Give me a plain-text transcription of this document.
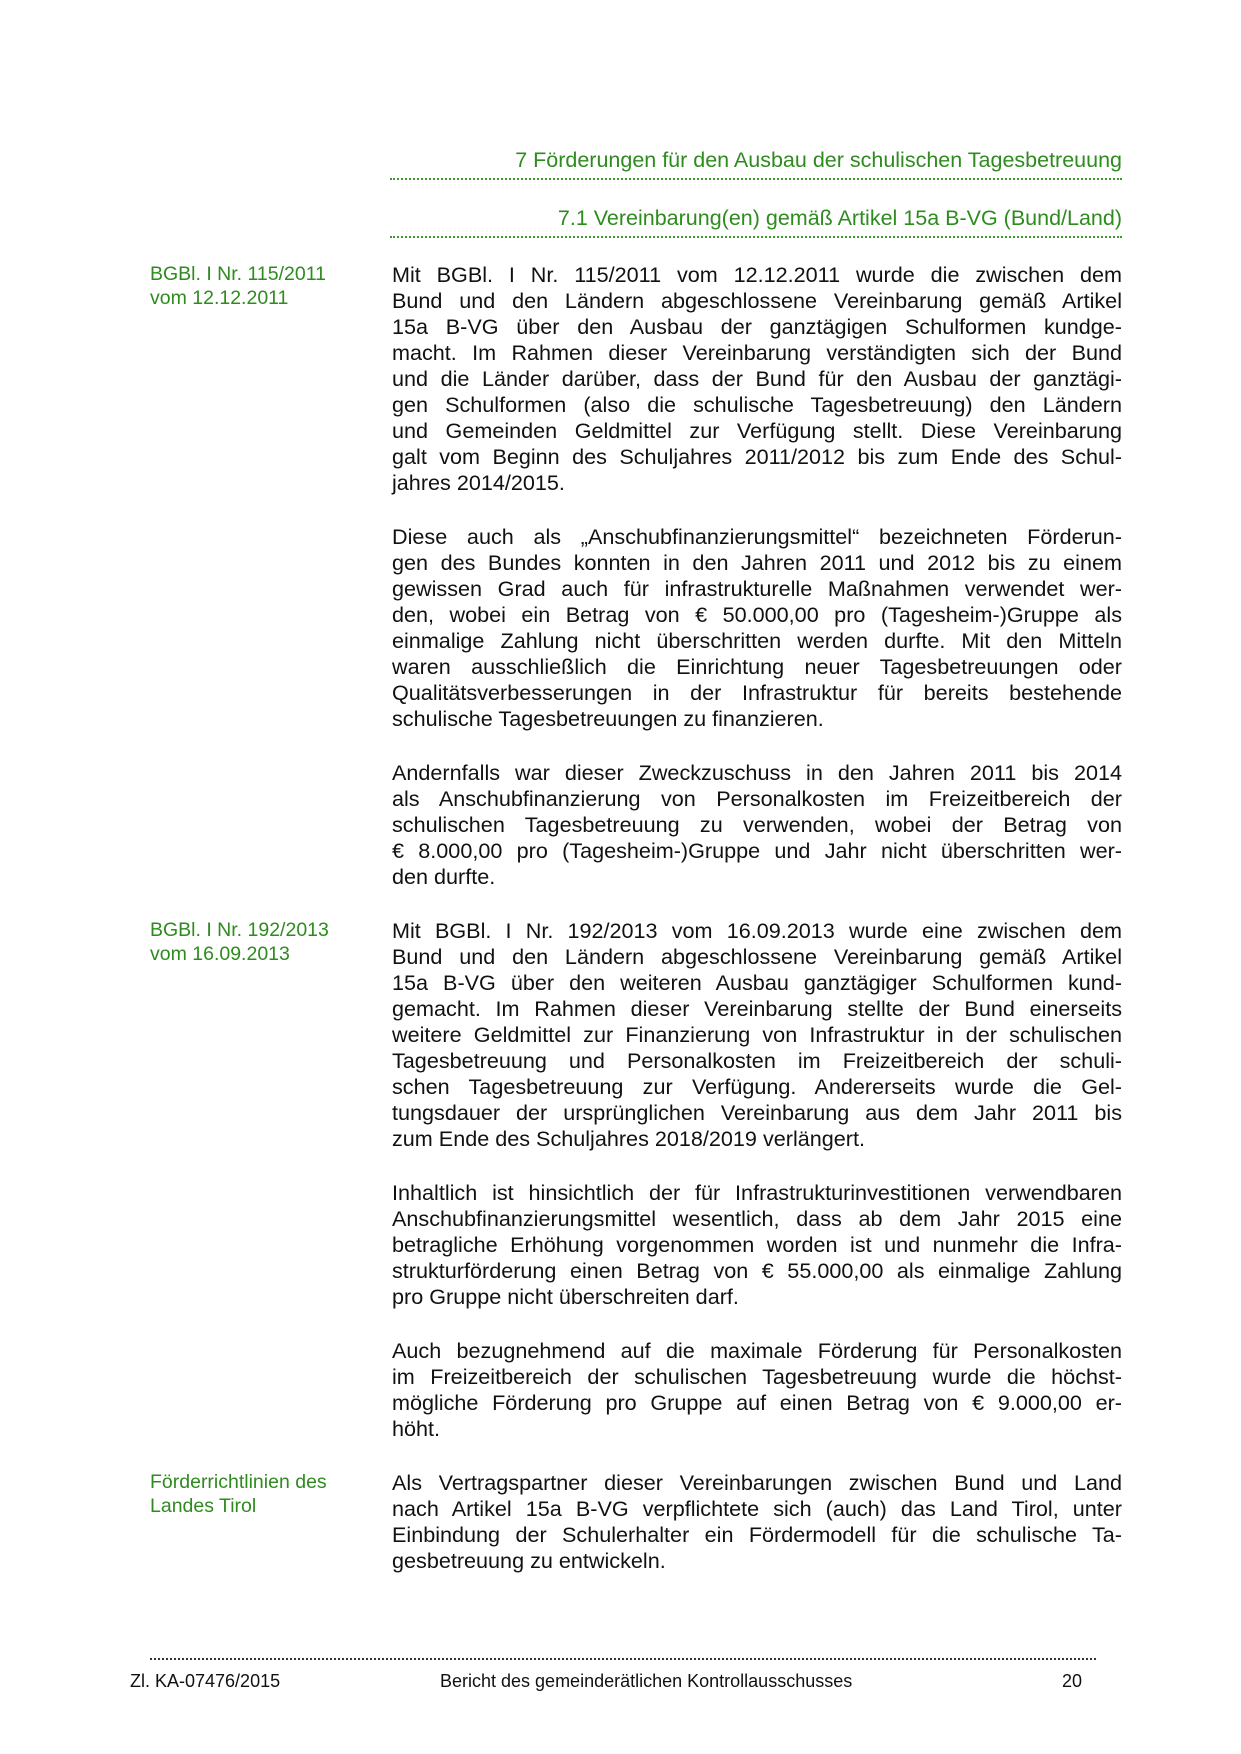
7 Förderungen für den Ausbau der schulischen Tagesbetreuung
7.1 Vereinbarung(en) gemäß Artikel 15a B-VG (Bund/Land)
BGBl. I Nr. 115/2011
vom 12.12.2011
BGBl. I Nr. 192/2013
vom 16.09.2013
Förderrichtlinien des
Landes Tirol
Mit BGBl. I Nr. 115/2011 vom 12.12.2011 wurde die zwischen dem
Bund und den Ländern abgeschlossene Vereinbarung gemäß Artikel
15a B-VG über den Ausbau der ganztägigen Schulformen kundge-
macht. Im Rahmen dieser Vereinbarung verständigten sich der Bund
und die Länder darüber, dass der Bund für den Ausbau der ganztägi-
gen Schulformen (also die schulische Tagesbetreuung) den Ländern
und Gemeinden Geldmittel zur Verfügung stellt. Diese Vereinbarung
galt vom Beginn des Schuljahres 2011/2012 bis zum Ende des Schul-
jahres 2014/2015.
Diese auch als „Anschubfinanzierungsmittel“ bezeichneten Förderun-
gen des Bundes konnten in den Jahren 2011 und 2012 bis zu einem
gewissen Grad auch für infrastrukturelle Maßnahmen verwendet wer-
den, wobei ein Betrag von € 50.000,00 pro (Tagesheim-)Gruppe als
einmalige Zahlung nicht überschritten werden durfte. Mit den Mitteln
waren ausschließlich die Einrichtung neuer Tagesbetreuungen oder
Qualitätsverbesserungen in der Infrastruktur für bereits bestehende
schulische Tagesbetreuungen zu finanzieren.
Andernfalls war dieser Zweckzuschuss in den Jahren 2011 bis 2014
als Anschubfinanzierung von Personalkosten im Freizeitbereich der
schulischen Tagesbetreuung zu verwenden, wobei der Betrag von
€ 8.000,00 pro (Tagesheim-)Gruppe und Jahr nicht überschritten wer-
den durfte.
Mit BGBl. I Nr. 192/2013 vom 16.09.2013 wurde eine zwischen dem
Bund und den Ländern abgeschlossene Vereinbarung gemäß Artikel
15a B-VG über den weiteren Ausbau ganztägiger Schulformen kund-
gemacht. Im Rahmen dieser Vereinbarung stellte der Bund einerseits
weitere Geldmittel zur Finanzierung von Infrastruktur in der schulischen
Tagesbetreuung und Personalkosten im Freizeitbereich der schuli-
schen Tagesbetreuung zur Verfügung. Andererseits wurde die Gel-
tungsdauer der ursprünglichen Vereinbarung aus dem Jahr 2011 bis
zum Ende des Schuljahres 2018/2019 verlängert.
Inhaltlich ist hinsichtlich der für Infrastrukturinvestitionen verwendbaren
Anschubfinanzierungsmittel wesentlich, dass ab dem Jahr 2015 eine
betragliche Erhöhung vorgenommen worden ist und nunmehr die Infra-
strukturförderung einen Betrag von € 55.000,00 als einmalige Zahlung
pro Gruppe nicht überschreiten darf.
Auch bezugnehmend auf die maximale Förderung für Personalkosten
im Freizeitbereich der schulischen Tagesbetreuung wurde die höchst-
mögliche Förderung pro Gruppe auf einen Betrag von € 9.000,00 er-
höht.
Als Vertragspartner dieser Vereinbarungen zwischen Bund und Land
nach Artikel 15a B-VG verpflichtete sich (auch) das Land Tirol, unter
Einbindung der Schulerhalter ein Fördermodell für die schulische Ta-
gesbetreuung zu entwickeln.
Zl. KA-07476/2015	Bericht des gemeinderätlichen Kontrollausschusses	20
